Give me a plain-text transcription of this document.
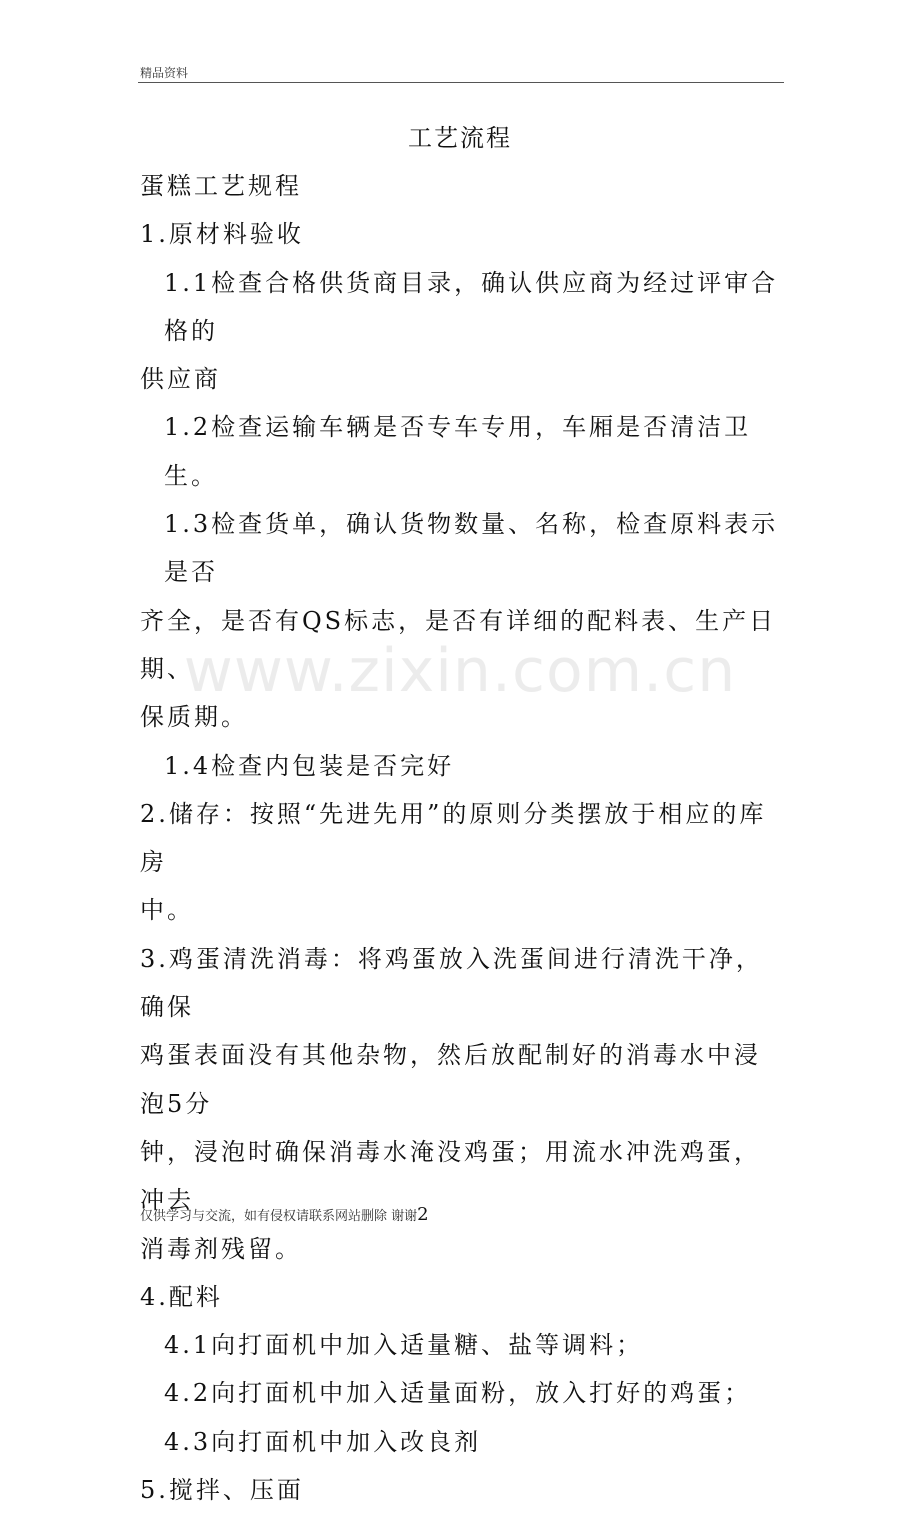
精品资料
工艺流程

蛋糕工艺规程

1.原材料验收

1.1检查合格供货商目录，确认供应商为经过评审合格的

供应商

1.2检查运输车辆是否专车专用，车厢是否清洁卫生。

1.3检查货单，确认货物数量、名称，检查原料表示是否

齐全，是否有QS标志，是否有详细的配料表、生产日期、

保质期。

1.4检查内包装是否完好

2.储存：按照“先进先用”的原则分类摆放于相应的库房

中。

3.鸡蛋清洗消毒：将鸡蛋放入洗蛋间进行清洗干净，确保

鸡蛋表面没有其他杂物，然后放配制好的消毒水中浸泡5分

钟，浸泡时确保消毒水淹没鸡蛋；用流水冲洗鸡蛋，冲去

消毒剂残留。

4.配料

4.1向打面机中加入适量糖、盐等调料；

4.2向打面机中加入适量面粉，放入打好的鸡蛋；

4.3向打面机中加入改良剂

5.搅拌、压面

www.zixin.com.cn
仅供学习与交流，如有侵权请联系网站删除 谢谢2
